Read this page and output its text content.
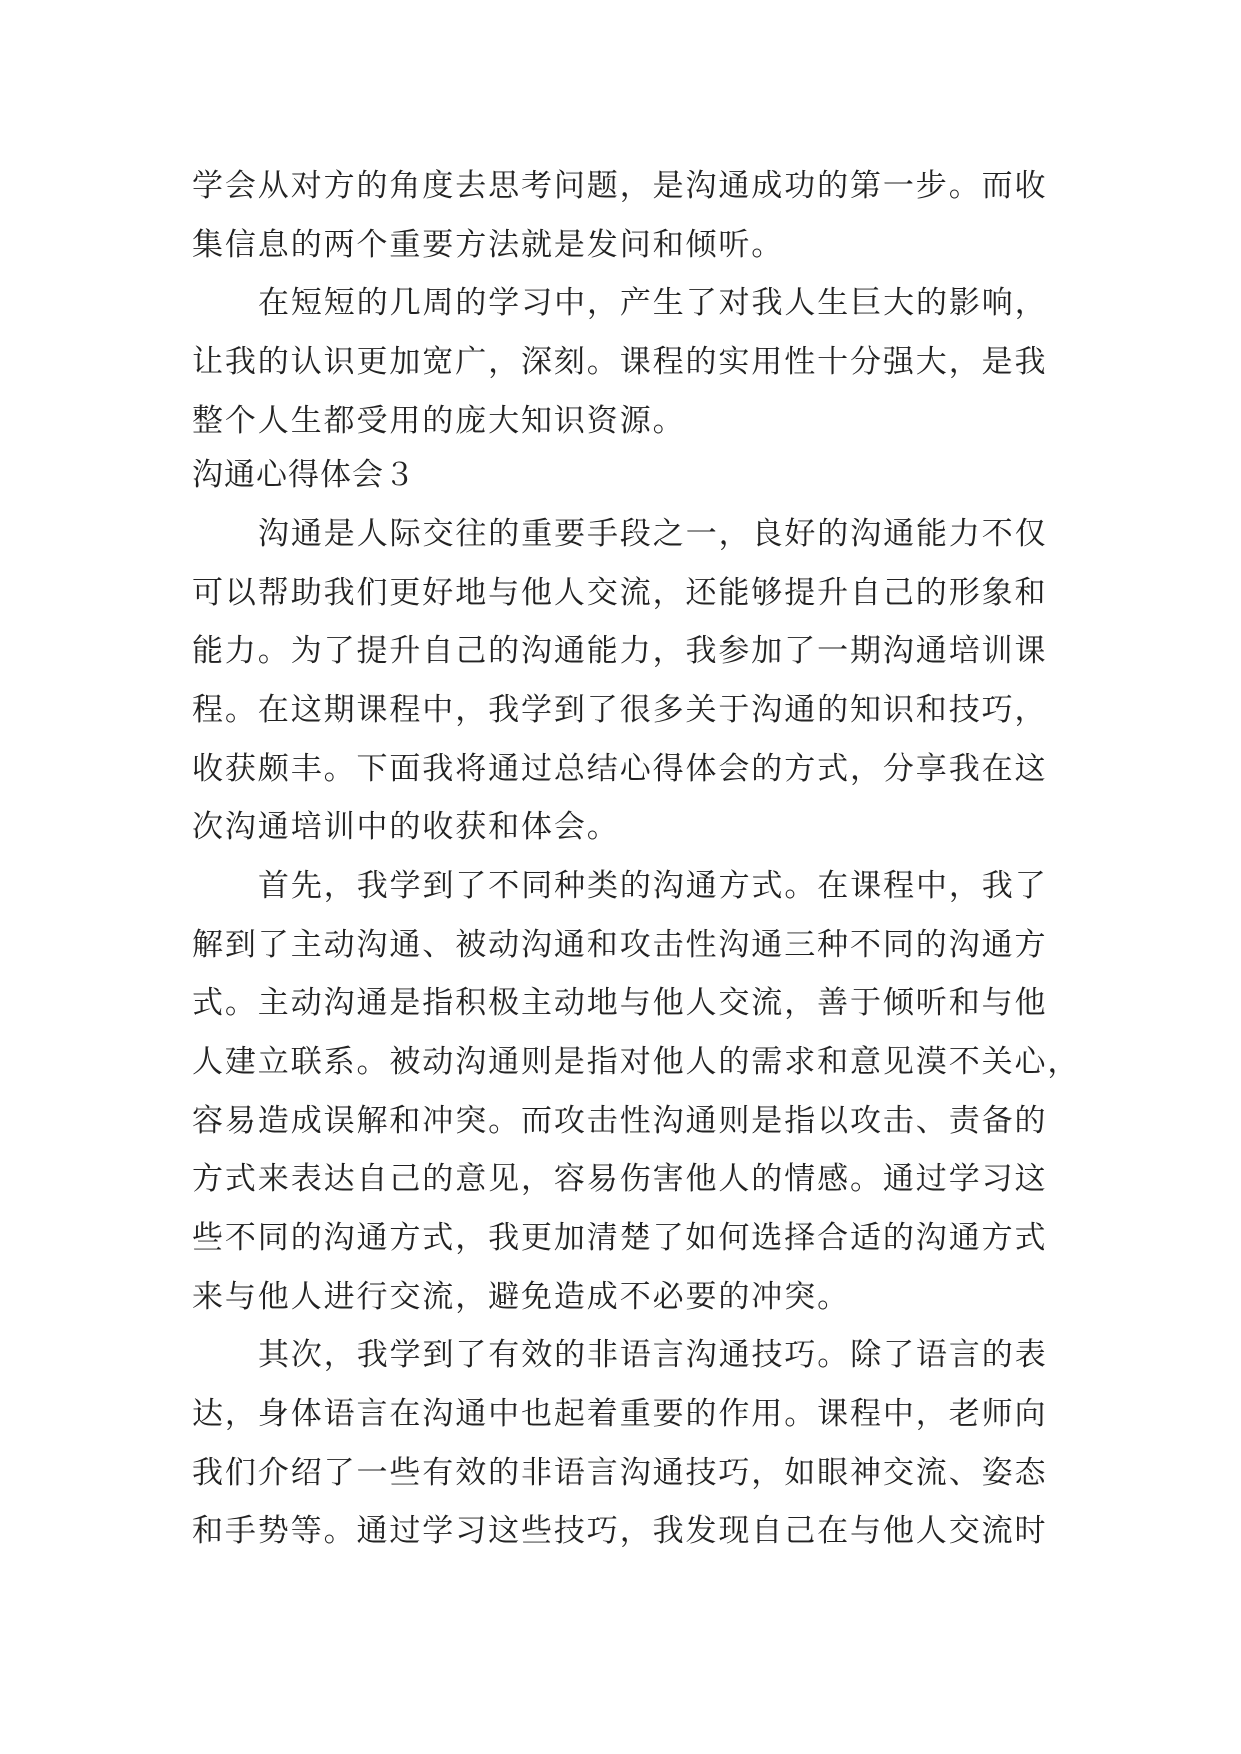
学会从对方的角度去思考问题，是沟通成功的第一步。而收
集信息的两个重要方法就是发问和倾听。
在短短的几周的学习中，产生了对我人生巨大的影响，
让我的认识更加宽广，深刻。课程的实用性十分强大，是我
整个人生都受用的庞大知识资源。
沟通心得体会３
沟通是人际交往的重要手段之一，良好的沟通能力不仅
可以帮助我们更好地与他人交流，还能够提升自己的形象和
能力。为了提升自己的沟通能力，我参加了一期沟通培训课
程。在这期课程中，我学到了很多关于沟通的知识和技巧，
收获颇丰。下面我将通过总结心得体会的方式，分享我在这
次沟通培训中的收获和体会。
首先，我学到了不同种类的沟通方式。在课程中，我了
解到了主动沟通、被动沟通和攻击性沟通三种不同的沟通方
式。主动沟通是指积极主动地与他人交流，善于倾听和与他
人建立联系。被动沟通则是指对他人的需求和意见漠不关心，
容易造成误解和冲突。而攻击性沟通则是指以攻击、责备的
方式来表达自己的意见，容易伤害他人的情感。通过学习这
些不同的沟通方式，我更加清楚了如何选择合适的沟通方式
来与他人进行交流，避免造成不必要的冲突。
其次，我学到了有效的非语言沟通技巧。除了语言的表
达，身体语言在沟通中也起着重要的作用。课程中，老师向
我们介绍了一些有效的非语言沟通技巧，如眼神交流、姿态
和手势等。通过学习这些技巧，我发现自己在与他人交流时
